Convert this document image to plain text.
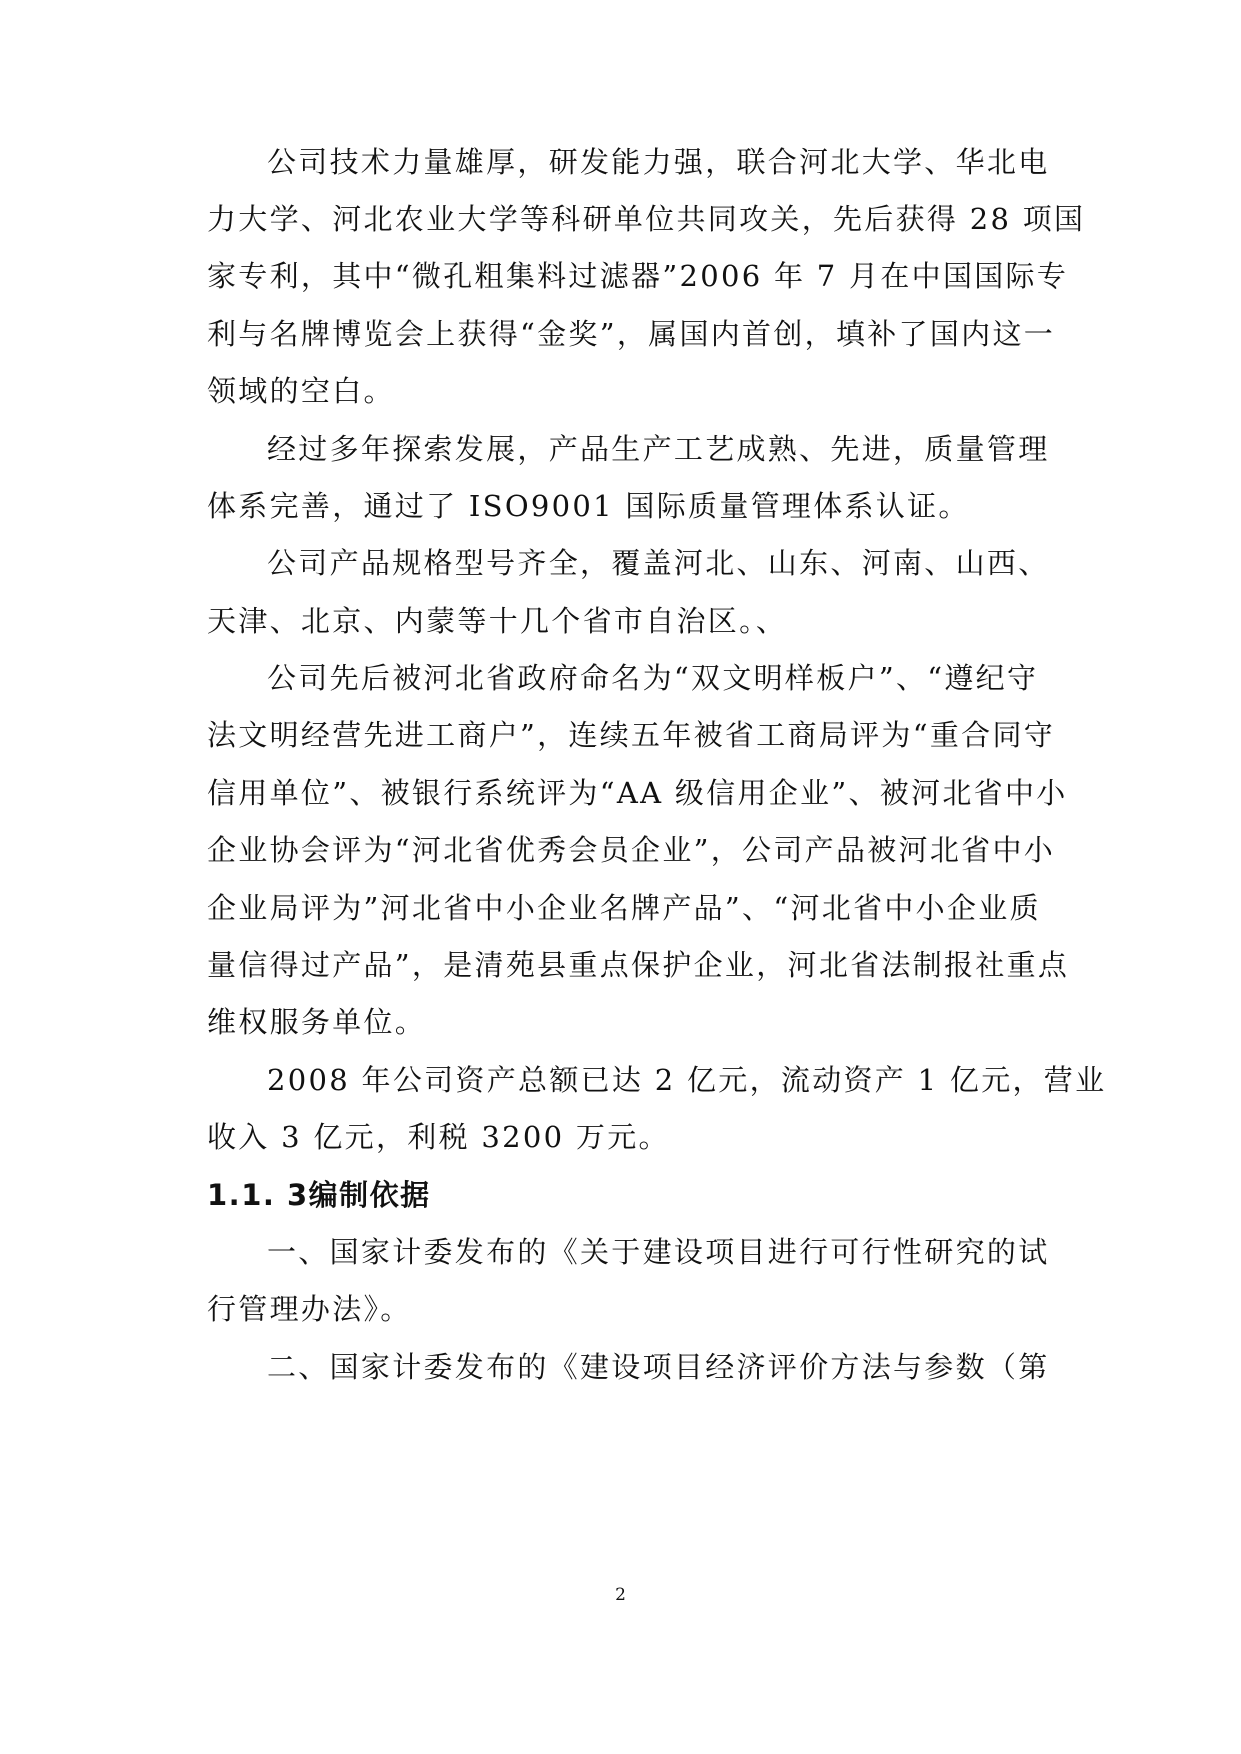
公司技术力量雄厚，研发能力强，联合河北大学、华北电
力大学、河北农业大学等科研单位共同攻关，先后获得 28 项国
家专利，其中“微孔粗集料过滤器”2006 年 7 月在中国国际专
利与名牌博览会上获得“金奖”，属国内首创，填补了国内这一
领域的空白。
经过多年探索发展，产品生产工艺成熟、先进，质量管理
体系完善，通过了 ISO9001 国际质量管理体系认证。
公司产品规格型号齐全，覆盖河北、山东、河南、山西、
天津、北京、内蒙等十几个省市自治区。、
公司先后被河北省政府命名为“双文明样板户”、“遵纪守
法文明经营先进工商户”，连续五年被省工商局评为“重合同守
信用单位”、被银行系统评为“AA 级信用企业”、被河北省中小
企业协会评为“河北省优秀会员企业”，公司产品被河北省中小
企业局评为”河北省中小企业名牌产品”、“河北省中小企业质
量信得过产品”，是清苑县重点保护企业，河北省法制报社重点
维权服务单位。
2008 年公司资产总额已达 2 亿元，流动资产 1 亿元，营业
收入 3 亿元，利税 3200 万元。
1.1. 3编制依据
一、国家计委发布的《关于建设项目进行可行性研究的试
行管理办法》。
二、国家计委发布的《建设项目经济评价方法与参数（第
2
